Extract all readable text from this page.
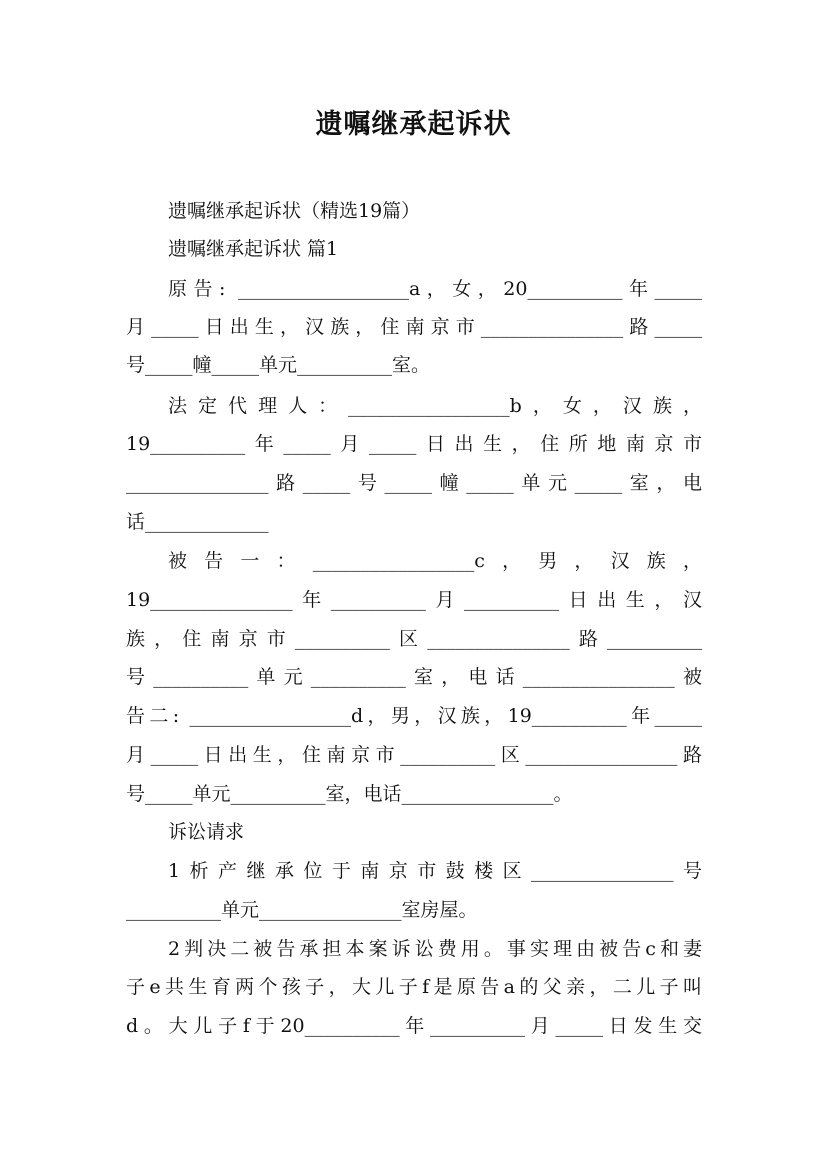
遗嘱继承起诉状
遗嘱继承起诉状（精选19篇）
遗嘱继承起诉状 篇1
原告: __________________a，女，20__________年_____
月_____日出生，汉族，住南京市_______________路_____
号_____幢_____单元__________室。
法定代理人：_________________b，女，汉族，
19__________年_____月_____日出生，住所地南京市
_______________路_____号_____幢_____单元_____室，电
话_____________
被告一：_________________c，男，汉族，
19_______________年__________月__________日出生，汉
族，住南京市__________区_______________路__________
号__________单元__________室，电话________________被
告二: _________________d，男，汉族，19__________年_____
月_____日出生，住南京市__________区________________路
号_____单元__________室，电话________________。
诉讼请求
1析产继承位于南京市鼓楼区_______________号
__________单元_______________室房屋。
2判决二被告承担本案诉讼费用。事实理由被告c和妻
子e共生育两个孩子，大儿子f是原告a的父亲，二儿子叫
d。大儿子f于20__________年__________月_____日发生交
